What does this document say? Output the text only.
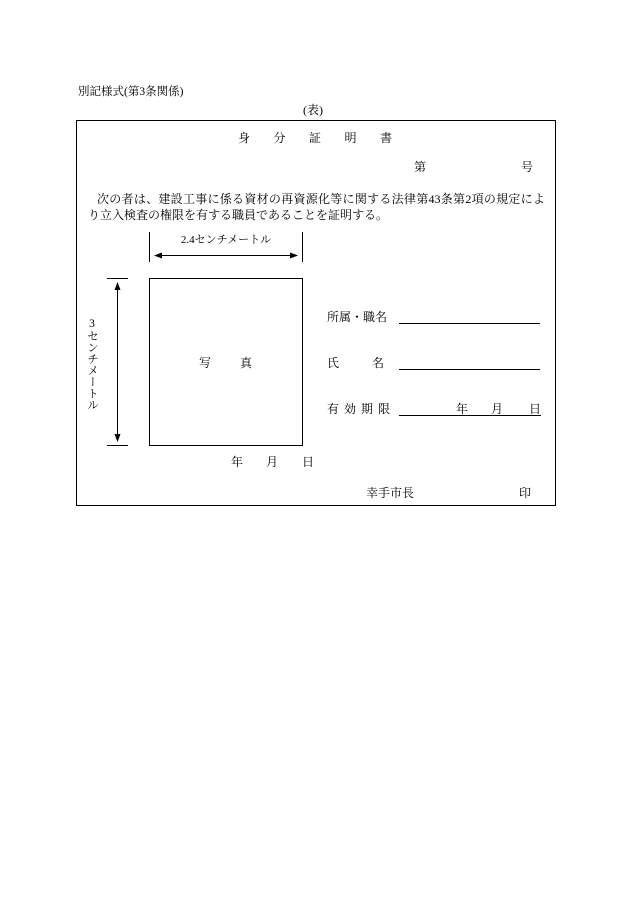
別記様式(第3条関係)
(表)
身分証明書
第	号
次の者は、建設工事に係る資材の再資源化等に関する法律第43条第2項の規定によ
り立入検査の権限を有する職員であることを証明する。
2.4センチメートル
3センチメートル	写真
年 月 日
所属・職名
氏名
有効期限	年 月 日
幸手市長	印
